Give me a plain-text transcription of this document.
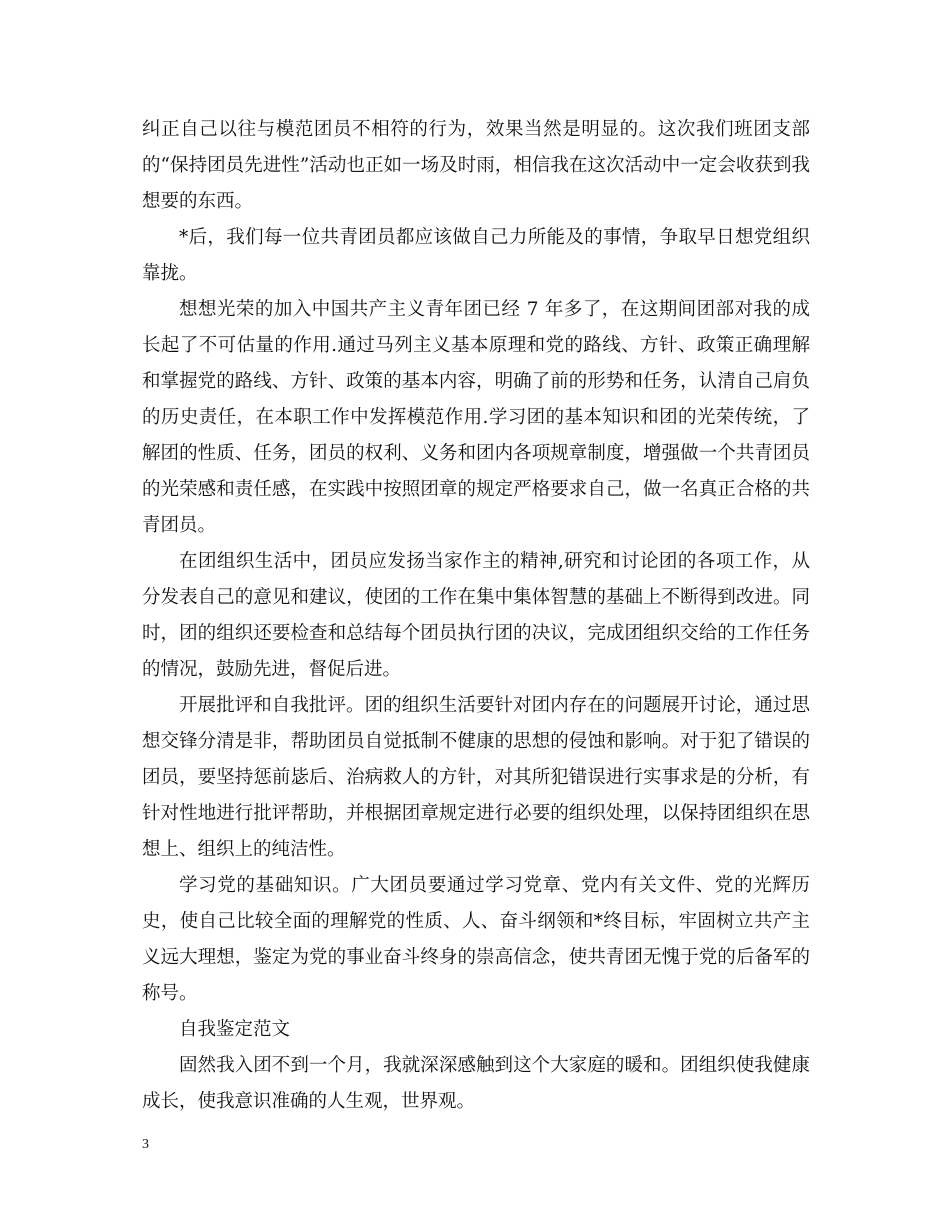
纠正自己以往与模范团员不相符的行为，效果当然是明显的。这次我们班团支部的“保持团员先进性”活动也正如一场及时雨，相信我在这次活动中一定会收获到我想要的东西。

*后，我们每一位共青团员都应该做自己力所能及的事情，争取早日想党组织靠拢。

想想光荣的加入中国共产主义青年团已经 7 年多了，在这期间团部对我的成长起了不可估量的作用.通过马列主义基本原理和党的路线、方针、政策正确理解和掌握党的路线、方针、政策的基本内容，明确了前的形势和任务，认清自己肩负的历史责任，在本职工作中发挥模范作用.学习团的基本知识和团的光荣传统，了解团的性质、任务，团员的权利、义务和团内各项规章制度，增强做一个共青团员的光荣感和责任感，在实践中按照团章的规定严格要求自己，做一名真正合格的共青团员。

在团组织生活中，团员应发扬当家作主的精神,研究和讨论团的各项工作，从分发表自己的意见和建议，使团的工作在集中集体智慧的基础上不断得到改进。同时，团的组织还要检查和总结每个团员执行团的决议，完成团组织交给的工作任务的情况，鼓励先进，督促后进。

开展批评和自我批评。团的组织生活要针对团内存在的问题展开讨论，通过思想交锋分清是非，帮助团员自觉抵制不健康的思想的侵蚀和影响。对于犯了错误的团员，要坚持惩前毖后、治病救人的方针，对其所犯错误进行实事求是的分析，有针对性地进行批评帮助，并根据团章规定进行必要的组织处理，以保持团组织在思想上、组织上的纯洁性。

学习党的基础知识。广大团员要通过学习党章、党内有关文件、党的光辉历史，使自己比较全面的理解党的性质、人、奋斗纲领和*终目标，牢固树立共产主义远大理想，鉴定为党的事业奋斗终身的崇高信念，使共青团无愧于党的后备军的称号。

自我鉴定范文

固然我入团不到一个月，我就深深感触到这个大家庭的暖和。团组织使我健康成长，使我意识准确的人生观，世界观。

3
